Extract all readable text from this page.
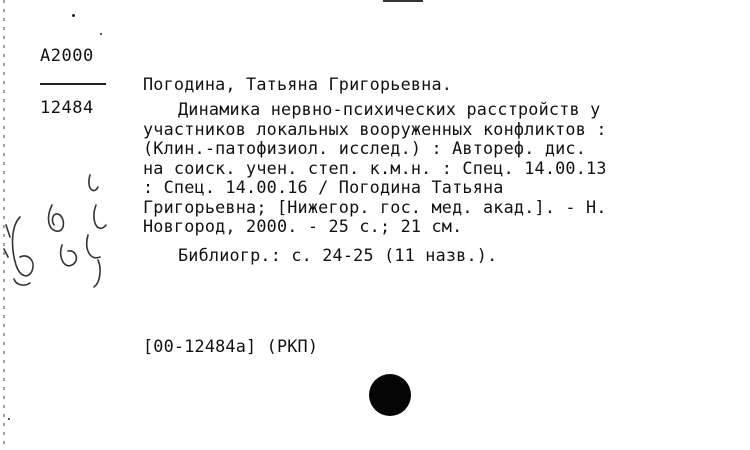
А2000
12484
Погодина, Татьяна Григорьевна.

Динамика нервно-психических расстройств у

участников локальных вооруженных конфликтов :

(Клин.-патофизиол. исслед.) : Автореф. дис.

на соиск. учен. степ. к.м.н. : Спец. 14.00.13

: Спец. 14.00.16 / Погодина Татьяна

Григорьевна; [Нижегор. гос. мед. акад.]. - Н.

Новгород, 2000. - 25 с.; 21 см.

Библиогр.: с. 24-25 (11 назв.).

[00-12484а] (РКП)
